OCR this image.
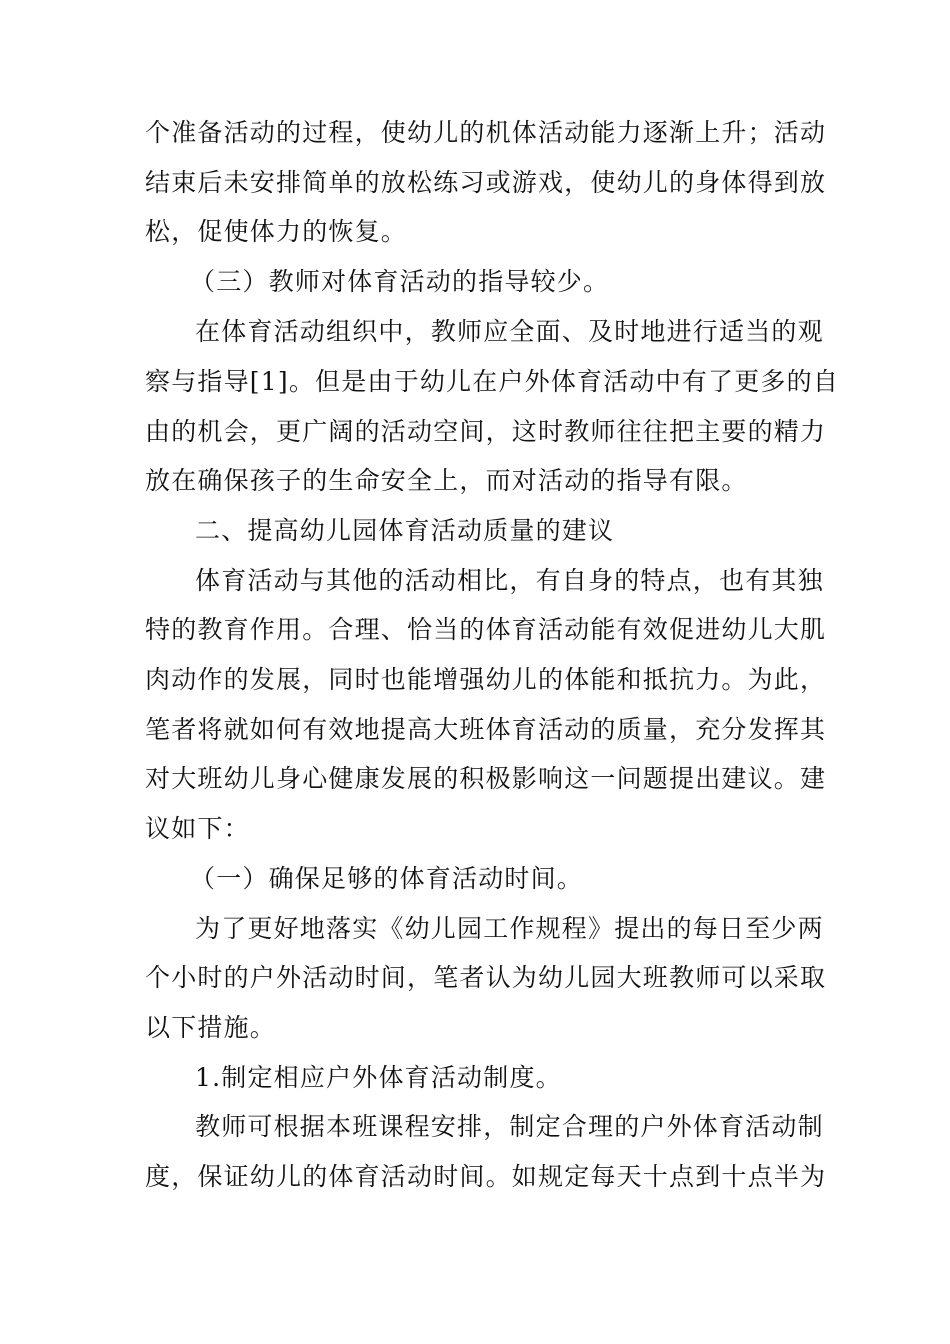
个准备活动的过程，使幼儿的机体活动能力逐渐上升；活动

结束后未安排简单的放松练习或游戏，使幼儿的身体得到放

松，促使体力的恢复。

（三）教师对体育活动的指导较少。

在体育活动组织中，教师应全面、及时地进行适当的观

察与指导[1]。但是由于幼儿在户外体育活动中有了更多的自

由的机会，更广阔的活动空间，这时教师往往把主要的精力

放在确保孩子的生命安全上，而对活动的指导有限。

二、提高幼儿园体育活动质量的建议

体育活动与其他的活动相比，有自身的特点，也有其独

特的教育作用。合理、恰当的体育活动能有效促进幼儿大肌

肉动作的发展，同时也能增强幼儿的体能和抵抗力。为此，

笔者将就如何有效地提高大班体育活动的质量，充分发挥其

对大班幼儿身心健康发展的积极影响这一问题提出建议。建

议如下：

（一）确保足够的体育活动时间。

为了更好地落实《幼儿园工作规程》提出的每日至少两

个小时的户外活动时间，笔者认为幼儿园大班教师可以采取

以下措施。

1.制定相应户外体育活动制度。

教师可根据本班课程安排，制定合理的户外体育活动制

度，保证幼儿的体育活动时间。如规定每天十点到十点半为
